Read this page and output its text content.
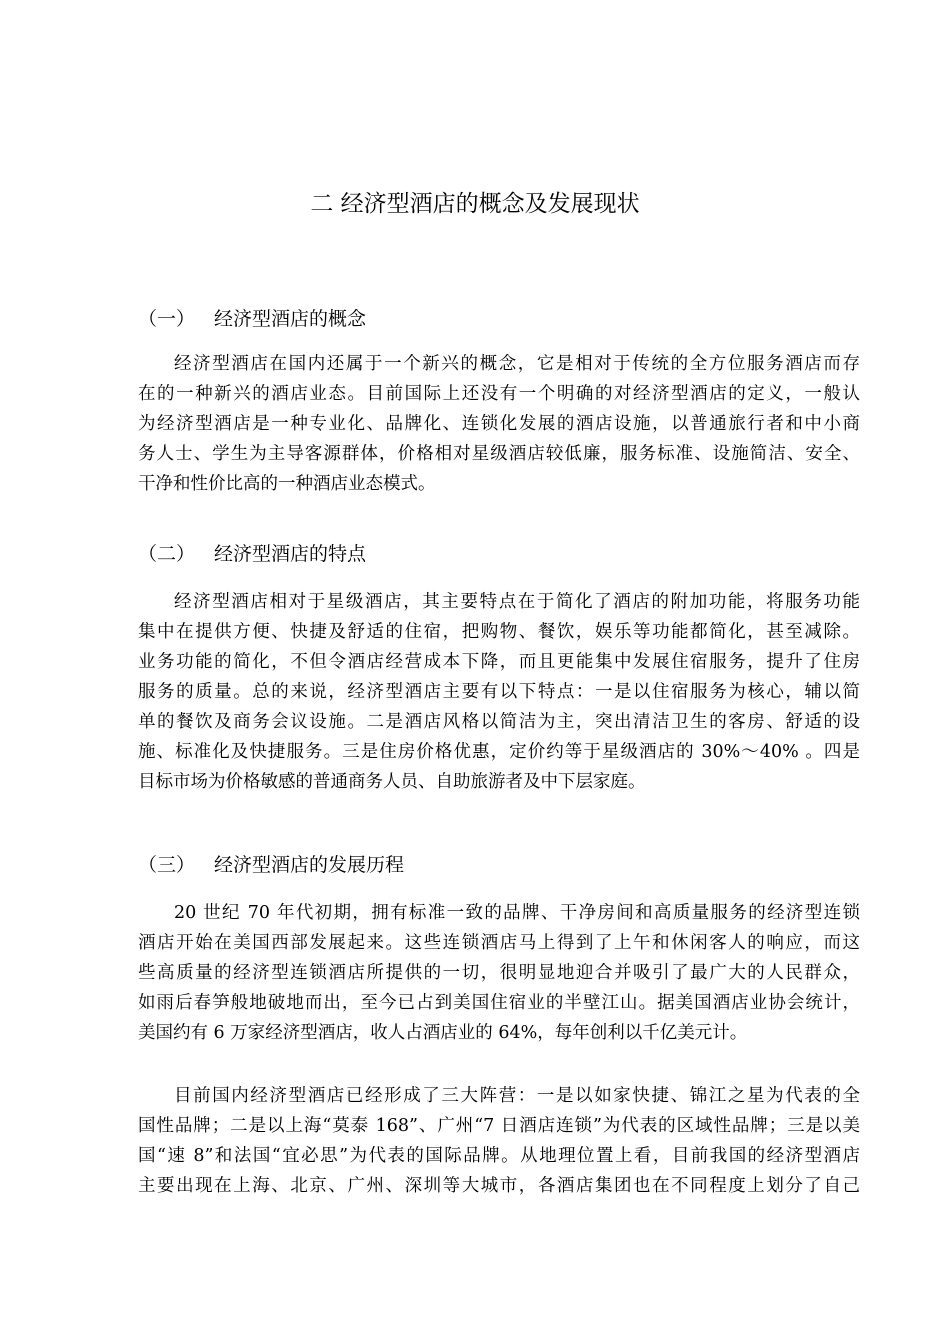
二 经济型酒店的概念及发展现状
（一） 经济型酒店的概念
经济型酒店在国内还属于一个新兴的概念，它是相对于传统的全方位服务酒店而存
在的一种新兴的酒店业态。目前国际上还没有一个明确的对经济型酒店的定义，一般认
为经济型酒店是一种专业化、品牌化、连锁化发展的酒店设施，以普通旅行者和中小商
务人士、学生为主导客源群体，价格相对星级酒店较低廉，服务标准、设施简洁、安全、
干净和性价比高的一种酒店业态模式。
（二） 经济型酒店的特点
经济型酒店相对于星级酒店，其主要特点在于简化了酒店的附加功能，将服务功能
集中在提供方便、快捷及舒适的住宿，把购物、餐饮，娱乐等功能都简化，甚至减除。
业务功能的简化，不但令酒店经营成本下降，而且更能集中发展住宿服务，提升了住房
服务的质量。总的来说，经济型酒店主要有以下特点：一是以住宿服务为核心，辅以简
单的餐饮及商务会议设施。二是酒店风格以简洁为主，突出清洁卫生的客房、舒适的设
施、标准化及快捷服务。三是住房价格优惠，定价约等于星级酒店的 30%～40% 。四是
目标市场为价格敏感的普通商务人员、自助旅游者及中下层家庭。
（三） 经济型酒店的发展历程
20 世纪 70 年代初期，拥有标准一致的品牌、干净房间和高质量服务的经济型连锁
酒店开始在美国西部发展起来。这些连锁酒店马上得到了上午和休闲客人的响应，而这
些高质量的经济型连锁酒店所提供的一切，很明显地迎合并吸引了最广大的人民群众，
如雨后春笋般地破地而出，至今已占到美国住宿业的半壁江山。据美国酒店业协会统计，
美国约有 6 万家经济型酒店，收人占酒店业的 64%，每年创利以千亿美元计。
目前国内经济型酒店已经形成了三大阵营：一是以如家快捷、锦江之星为代表的全
国性品牌；二是以上海“莫泰 168”、广州“7 日酒店连锁”为代表的区域性品牌；三是以美
国“速 8”和法国“宜必思”为代表的国际品牌。从地理位置上看，目前我国的经济型酒店
主要出现在上海、北京、广州、深圳等大城市，各酒店集团也在不同程度上划分了自己
